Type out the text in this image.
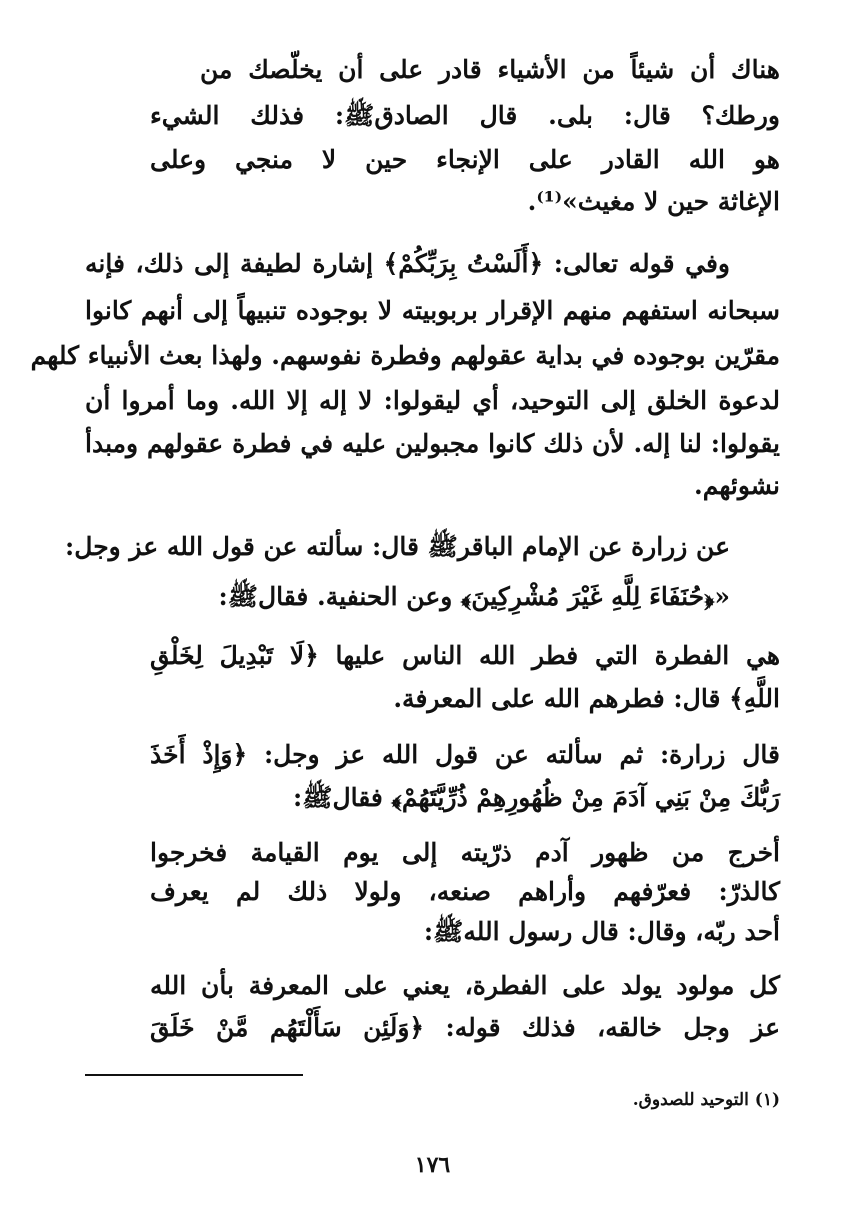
هناك أن شيئاً من الأشياء قادر على أن يخلّصك من
ورطك؟ قال: بلى. قال الصادقﷺ: فذلك الشيء
هو الله القادر على الإنجاء حين لا منجي وعلى
الإغاثة حين لا مغيث»⁽¹⁾.
وفي قوله تعالى: ﴿أَلَسْتُ بِرَبِّكُمْ﴾ إشارة لطيفة إلى ذلك، فإنه
سبحانه استفهم منهم الإقرار بربوبيته لا بوجوده تنبيهاً إلى أنهم كانوا
مقرّين بوجوده في بداية عقولهم وفطرة نفوسهم. ولهذا بعث الأنبياء كلهم
لدعوة الخلق إلى التوحيد، أي ليقولوا: لا إله إلا الله. وما أمروا أن
يقولوا: لنا إله. لأن ذلك كانوا مجبولين عليه في فطرة عقولهم ومبدأ
نشوئهم.
عن زرارة عن الإمام الباقرﷺ قال: سألته عن قول الله عز وجل:
«﴿حُنَفَاءَ لِلَّهِ غَيْرَ مُشْرِكِينَ﴾ وعن الحنفية. فقالﷺ:
هي الفطرة التي فطر الله الناس عليها ﴿لَا تَبْدِيلَ لِخَلْقِ
اللَّهِ﴾ قال: فطرهم الله على المعرفة.
قال زرارة: ثم سألته عن قول الله عز وجل: ﴿وَإِذْ أَخَذَ
رَبُّكَ مِنْ بَنِي آدَمَ مِنْ ظُهُورِهِمْ ذُرِّيَّتَهُمْ﴾ فقالﷺ:
أخرج من ظهور آدم ذرّيته إلى يوم القيامة فخرجوا
كالذرّ: فعرّفهم وأراهم صنعه، ولولا ذلك لم يعرف
أحد ربّه، وقال: قال رسول اللهﷺ:
كل مولود يولد على الفطرة، يعني على المعرفة بأن الله
عز وجل خالقه، فذلك قوله: ﴿وَلَئِن سَأَلْتَهُم مَّنْ خَلَقَ
(١) التوحيد للصدوق.
١٧٦
